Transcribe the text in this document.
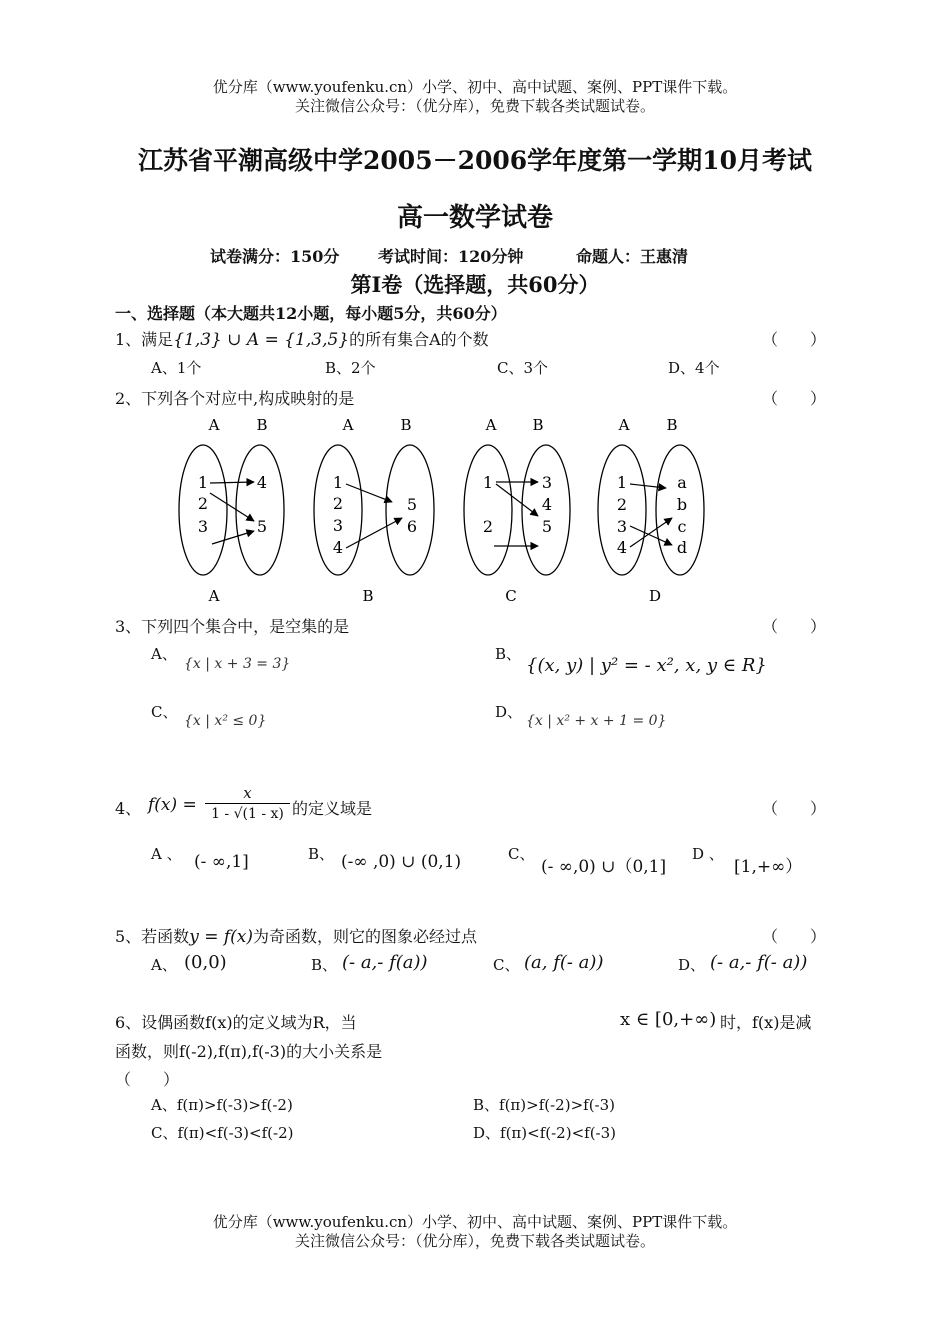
优分库（www.youfenku.cn）小学、初中、高中试题、案例、PPT课件下载。
关注微信公众号：（优分库），免费下载各类试题试卷。
江苏省平潮高级中学2005－2006学年度第一学期10月考试
高一数学试卷
试卷满分：150分 考试时间：120分钟	命题人：王惠清
第Ⅰ卷（选择题，共60分）
一、选择题（本大题共12小题，每小题5分，共60分）
1、满足{1,3} ∪ A = {1,3,5}的所有集合A的个数	（　　）
A、1个	B、2个	C、3个	D、4个
2、下列各个对应中,构成映射的是	（　　）
A B
1
2
3
4
5
A
A	B
1
2
3
4
5
6
B
A B
1
2
3
4
5
C
A B
1
2
3
4
a
b
c
d
D
3、下列四个集合中，是空集的是	（　　）
A、
{x | x + 3 = 3}
B、
{(x, y) | y² = - x², x, y ∈ R}
C、 {x | x² ≤ 0}	D、 {x | x² + x + 1 = 0}
4、 f(x) =
x
1 - √(1 - x) 的定义域是	（　　）
A 、 (- ∞,1]	B、 (-∞ ,0) ∪ (0,1)	C、
(- ∞,0) ∪（0,1]
D 、
[1,+∞）
5、若函数y = f(x)为奇函数，则它的图象必经过点	（　　）
A、 (0,0)	B、 (- a,- f(a))	C、 (a, f(- a))	D、 (- a,- f(- a))
6、设偶函数f(x)的定义域为R，当	x ∈ [0,+∞) 时，f(x)是减
函数，则f(-2),f(π),f(-3)的大小关系是
（　　）
A、f(π)>f(-3)>f(-2)	B、f(π)>f(-2)>f(-3)
C、f(π)<f(-3)<f(-2)	D、f(π)<f(-2)<f(-3)
优分库（www.youfenku.cn）小学、初中、高中试题、案例、PPT课件下载。
关注微信公众号：（优分库），免费下载各类试题试卷。
